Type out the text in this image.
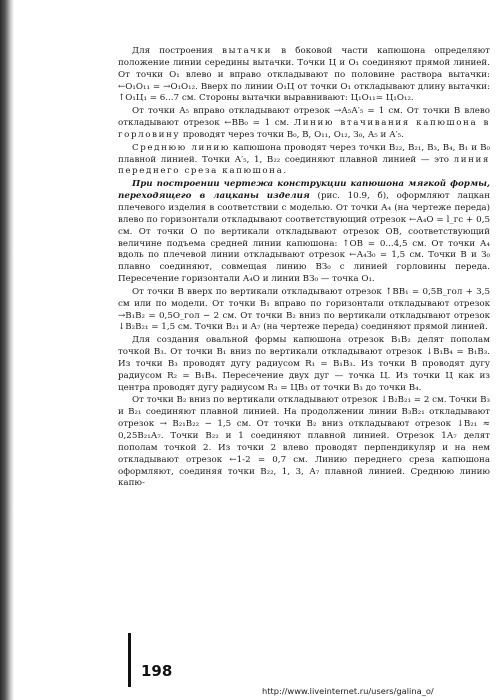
Для построения вытачки в боковой части капюшона определяют положение линии середины вытачки. Точки Ц и О₁ соединяют прямой линией. От точки О₁ влево и вправо откладывают по половине раствора вытачки: ←О₁О₁₁ = →О₁О₁₂. Вверх по линии О₁Ц от точки О₁ откладывают длину вытачки: ↑О₁Ц₁ = 6...7 см. Стороны вытачки выравнивают: Ц₁О₁₁= Ц₁О₁₂.

От точки А₅ вправо откладывают отрезок →А₅А′₅ = 1 см. От точки В влево откладывают отрезок ←ВВ₀ = 1 см. Линию втачивания капюшона в горловину проводят через точки В₀, В, О₁₁, О₁₂, З₀, А₅ и А′₅.

Среднюю линию капюшона проводят через точки В₂₂, В₂₁, В₃, В₄, В₁ и В₀ плавной линией. Точки А′₅, 1, В₂₂ соединяют плавной линией — это линия переднего среза капюшона.

При построении чертежа конструкции капюшона мягкой формы, переходящего в лацканы изделия (рис. 10.9, б), оформляют лацкан плечевого изделия в соответствии с моделью. От точки А₄ (на чертеже переда) влево по горизонтали откладывают соответствующий отрезок ←А₄О = l_гс + 0,5 см. От точки О по вертикали откладывают отрезок ОВ, соответствующий величине подъема средней линии капюшона: ↑ОВ = 0...4,5 см. От точки А₄ вдоль по плечевой линии откладывают отрезок ←А₄З₀ = 1,5 см. Точки В и З₀ плавно соединяют, совмещая линию ВЗ₀ с линией горловины переда. Пересечение горизонтали А₄О и линии ВЗ₀ — точка О₁.

От точки В вверх по вертикали откладывают отрезок ↑ВВ₁ = 0,5В_гол + 3,5 см или по модели. От точки В₁ вправо по горизонтали откладывают отрезок →В₁В₂ = 0,5О_гол − 2 см. От точки В₂ вниз по вертикали откладывают отрезок ↓В₂В₂₁ = 1,5 см. Точки В₂₁ и А₇ (на чертеже переда) соединяют прямой линией.

Для создания овальной формы капюшона отрезок В₁В₂ делят пополам точкой В₃. От точки В₁ вниз по вертикали откладывают отрезок ↓В₁В₄ = В₁В₃. Из точки В₃ проводят дугу радиусом R₁ = В₁В₃. Из точки В проводят дугу радиусом R₂ = В₁В₄. Пересечение двух дуг — точка Ц. Из точки Ц как из центра проводят дугу радиусом R₃ = ЦВ₃ от точки В₃ до точки В₄.

От точки В₂ вниз по вертикали откладывают отрезок ↓В₂В₂₁ = 2 см. Точки В₃ и В₂₁ соединяют плавной линией. На продолжении линии В₃В₂₁ откладывают отрезок → В₂₁В₂₂ − 1,5 см. От точки В₂ вниз откладывают отрезок ↓В₂₁ ≈ 0,25В₂₁А₇. Точки В₂₂ и 1 соединяют плавной линией. Отрезок 1А₇ делят пополам точкой 2. Из точки 2 влево проводят перпендикуляр и на нем откладывают отрезок ←1-2 = 0,7 см. Линию переднего среза капюшона оформляют, соединяя точки В₂₂, 1, 3, А₇ плавной линией. Среднюю линию капю-

198
http://www.liveinternet.ru/users/galina_o/
